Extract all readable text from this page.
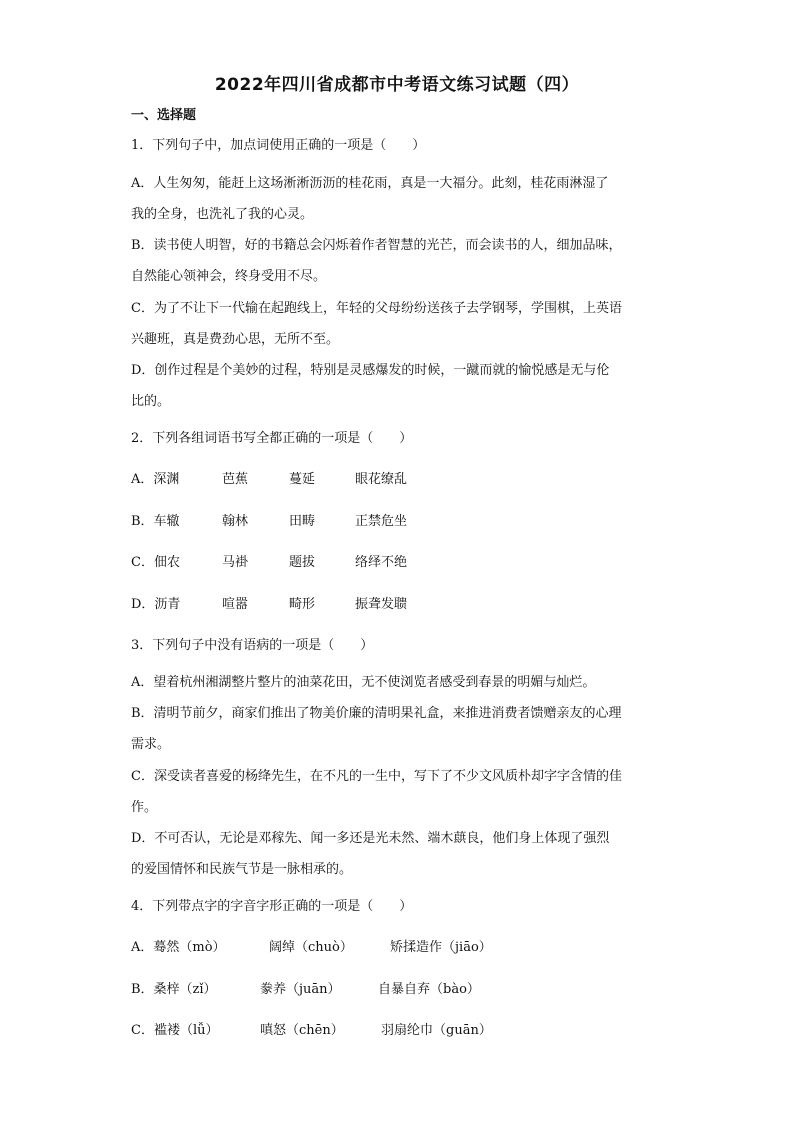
2022年四川省成都市中考语文练习试题（四）
一、选择题
1．下列句子中，加点词使用正确的一项是（　　）
A．人生匆匆，能赶上这场淅淅沥沥的桂花雨，真是一大福分。此刻，桂花雨淋湿了
我的全身，也洗礼了我的心灵。
B．读书使人明智，好的书籍总会闪烁着作者智慧的光芒，而会读书的人，细加品味，
自然能心领神会，终身受用不尽。
C．为了不让下一代输在起跑线上，年轻的父母纷纷送孩子去学钢琴，学围棋，上英语
兴趣班，真是费劲心思，无所不至。
D．创作过程是个美妙的过程，特别是灵感爆发的时候，一蹴而就的愉悦感是无与伦
比的。
2．下列各组词语书写全都正确的一项是（　　）
A．深渊	芭蕉	蔓延	眼花缭乱
B．车辙	翰林	田畴	正禁危坐
C．佃农	马褂	题拔	络绎不绝
D．沥青	喧嚣	畸形	振聋发聩
3．下列句子中没有语病的一项是（　　）
A．望着杭州湘湖整片整片的油菜花田，无不使浏览者感受到春景的明媚与灿烂。
B．清明节前夕，商家们推出了物美价廉的清明果礼盒，来推进消费者馈赠亲友的心理
需求。
C．深受读者喜爱的杨绛先生，在不凡的一生中，写下了不少文风质朴却字字含情的佳
作。
D．不可否认，无论是邓稼先、闻一多还是光未然、端木蕻良，他们身上体现了强烈
的爱国情怀和民族气节是一脉相承的。
4．下列带点字的字音字形正确的一项是（　　）
A．蓦然（mò）	阔绰（chuò）	矫揉造作（jiāo）
B．桑梓（zǐ）	豢养（juān）	自暴自弃（bào）
C．褴褛（lǚ）	嗔怒（chēn）	羽扇纶巾（guān）
